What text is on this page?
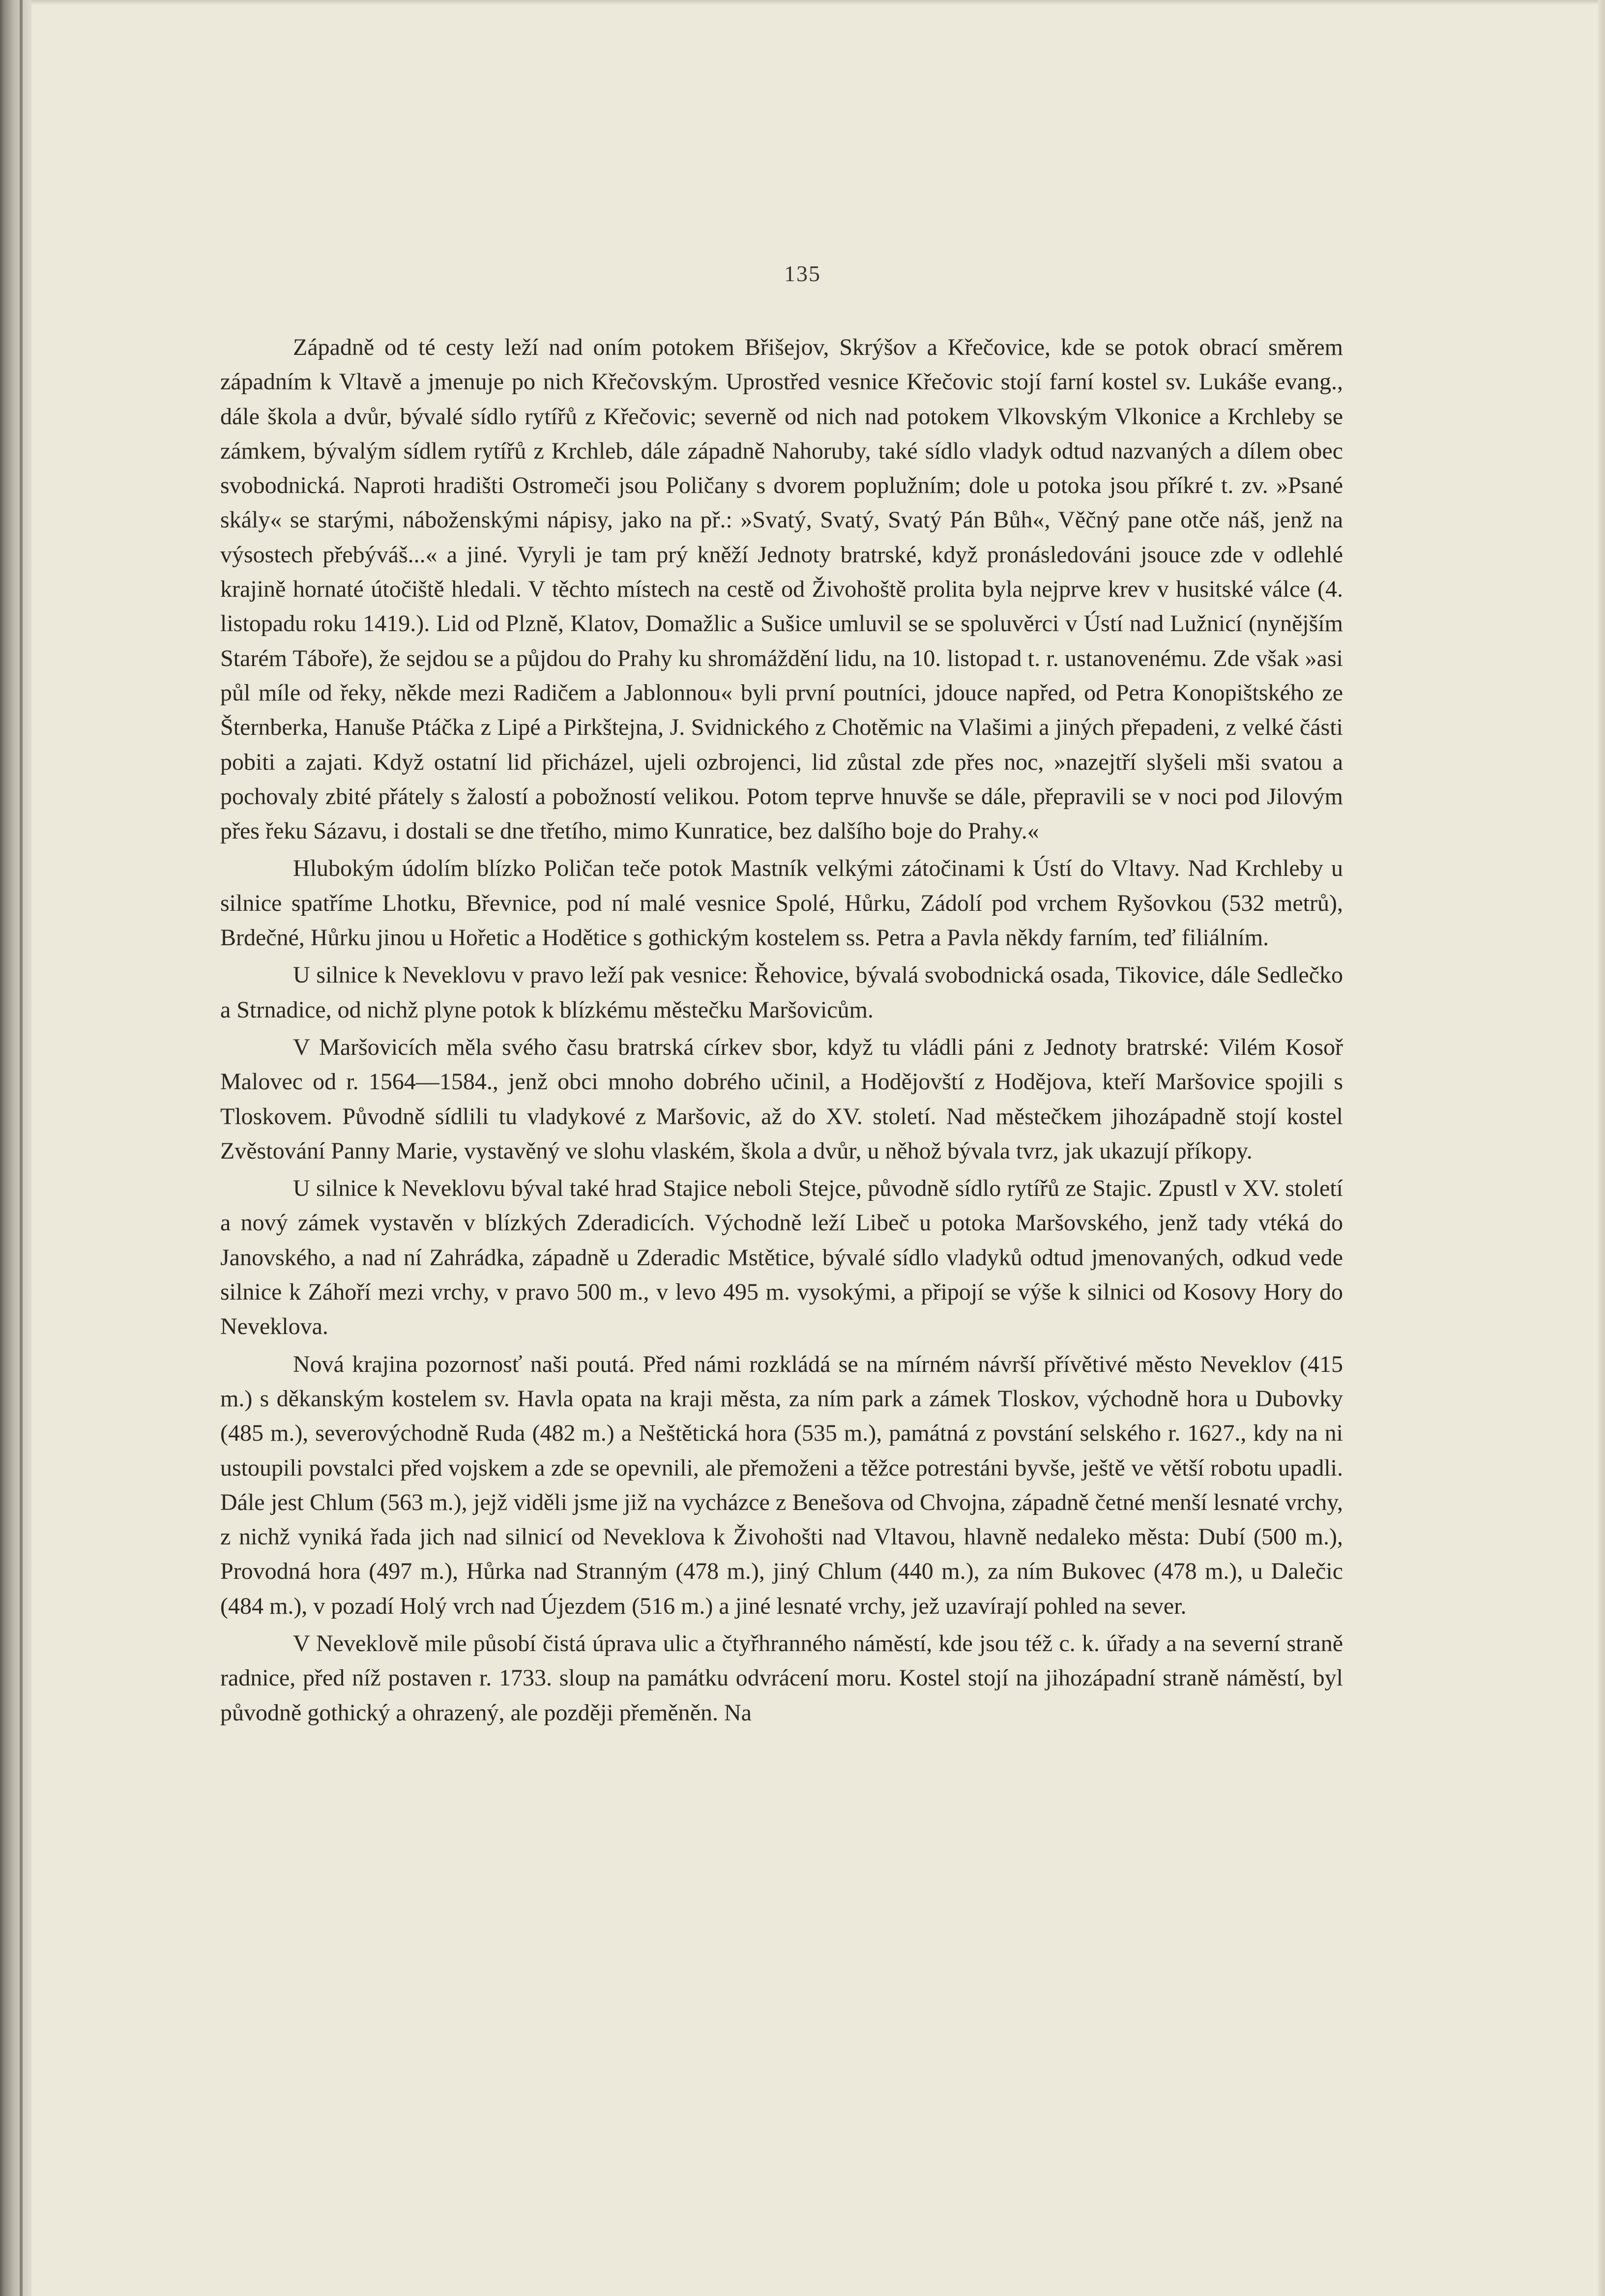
135

Západně od té cesty leží nad oním potokem Břišejov, Skrýšov a Křečovice, kde se potok obrací směrem západním k Vltavě a jmenuje po nich Křečovským. Uprostřed vesnice Křečovic stojí farní kostel sv. Lukáše evang., dále škola a dvůr, bývalé sídlo rytířů z Křečovic; severně od nich nad potokem Vlkovským Vlkonice a Krchleby se zámkem, bývalým sídlem rytířů z Krchleb, dále západně Nahoruby, také sídlo vladyk odtud nazvaných a dílem obec svobodnická. Naproti hradišti Ostromeči jsou Poličany s dvorem poplužním; dole u potoka jsou příkré t. zv. »Psané skály« se starými, náboženskými nápisy, jako na př.: »Svatý, Svatý, Svatý Pán Bůh«, Věčný pane otče náš, jenž na výsostech přebýváš...« a jiné. Vyryli je tam prý kněží Jednoty bratrské, když pronásledováni jsouce zde v odlehlé krajině hornaté útočiště hledali. V těchto místech na cestě od Živohoště prolita byla nejprve krev v husitské válce (4. listopadu roku 1419.). Lid od Plzně, Klatov, Domažlic a Sušice umluvil se se spoluvěrci v Ústí nad Lužnicí (nynějším Starém Táboře), že sejdou se a půjdou do Prahy ku shromáždění lidu, na 10. listopad t. r. ustanovenému. Zde však »asi půl míle od řeky, někde mezi Radičem a Jablonnou« byli první poutníci, jdouce napřed, od Petra Konopištského ze Šternberka, Hanuše Ptáčka z Lipé a Pirkštejna, J. Svidnického z Chotěmic na Vlašimi a jiných přepadeni, z velké části pobiti a zajati. Když ostatní lid přicházel, ujeli ozbrojenci, lid zůstal zde přes noc, »nazejtří slyšeli mši svatou a pochovaly zbité přátely s žalostí a pobožností velikou. Potom teprve hnuvše se dále, přepravili se v noci pod Jilovým přes řeku Sázavu, i dostali se dne třetího, mimo Kunratice, bez dalšího boje do Prahy.«

Hlubokým údolím blízko Poličan teče potok Mastník velkými zátočinami k Ústí do Vltavy. Nad Krchleby u silnice spatříme Lhotku, Břevnice, pod ní malé vesnice Spolé, Hůrku, Zádolí pod vrchem Ryšovkou (532 metrů), Brdečné, Hůrku jinou u Hořetic a Hodětice s gothickým kostelem ss. Petra a Pavla někdy farním, teď filiálním.

U silnice k Neveklovu v pravo leží pak vesnice: Řehovice, bývalá svobodnická osada, Tikovice, dále Sedlečko a Strnadice, od nichž plyne potok k blízkému městečku Maršovicům.

V Maršovicích měla svého času bratrská církev sbor, když tu vládli páni z Jednoty bratrské: Vilém Kosoř Malovec od r. 1564—1584., jenž obci mnoho dobrého učinil, a Hodějovští z Hodějova, kteří Maršovice spojili s Tloskovem. Původně sídlili tu vladykové z Maršovic, až do XV. století. Nad městečkem jihozápadně stojí kostel Zvěstování Panny Marie, vystavěný ve slohu vlaském, škola a dvůr, u něhož bývala tvrz, jak ukazují příkopy.

U silnice k Neveklovu býval také hrad Stajice neboli Stejce, původně sídlo rytířů ze Stajic. Zpustl v XV. století a nový zámek vystavěn v blízkých Zderadicích. Východně leží Libeč u potoka Maršovského, jenž tady vtéká do Janovského, a nad ní Zahrádka, západně u Zderadic Mstětice, bývalé sídlo vladyků odtud jmenovaných, odkud vede silnice k Záhoří mezi vrchy, v pravo 500 m., v levo 495 m. vysokými, a připojí se výše k silnici od Kosovy Hory do Neveklova.

Nová krajina pozornosť naši poutá. Před námi rozkládá se na mírném návrší přívětivé město Neveklov (415 m.) s děkanským kostelem sv. Havla opata na kraji města, za ním park a zámek Tloskov, východně hora u Dubovky (485 m.), severovýchodně Ruda (482 m.) a Neštětická hora (535 m.), památná z povstání selského r. 1627., kdy na ni ustoupili povstalci před vojskem a zde se opevnili, ale přemoženi a těžce potrestáni byvše, ještě ve větší robotu upadli. Dále jest Chlum (563 m.), jejž viděli jsme již na vycházce z Benešova od Chvojna, západně četné menší lesnaté vrchy, z nichž vyniká řada jich nad silnicí od Neveklova k Živohošti nad Vltavou, hlavně nedaleko města: Dubí (500 m.), Provodná hora (497 m.), Hůrka nad Stranným (478 m.), jiný Chlum (440 m.), za ním Bukovec (478 m.), u Dalečic (484 m.), v pozadí Holý vrch nad Újezdem (516 m.) a jiné lesnaté vrchy, jež uzavírají pohled na sever.

V Neveklově mile působí čistá úprava ulic a čtyřhranného náměstí, kde jsou též c. k. úřady a na severní straně radnice, před níž postaven r. 1733. sloup na památku odvrácení moru. Kostel stojí na jihozápadní straně náměstí, byl původně gothický a ohrazený, ale později přeměněn. Na
